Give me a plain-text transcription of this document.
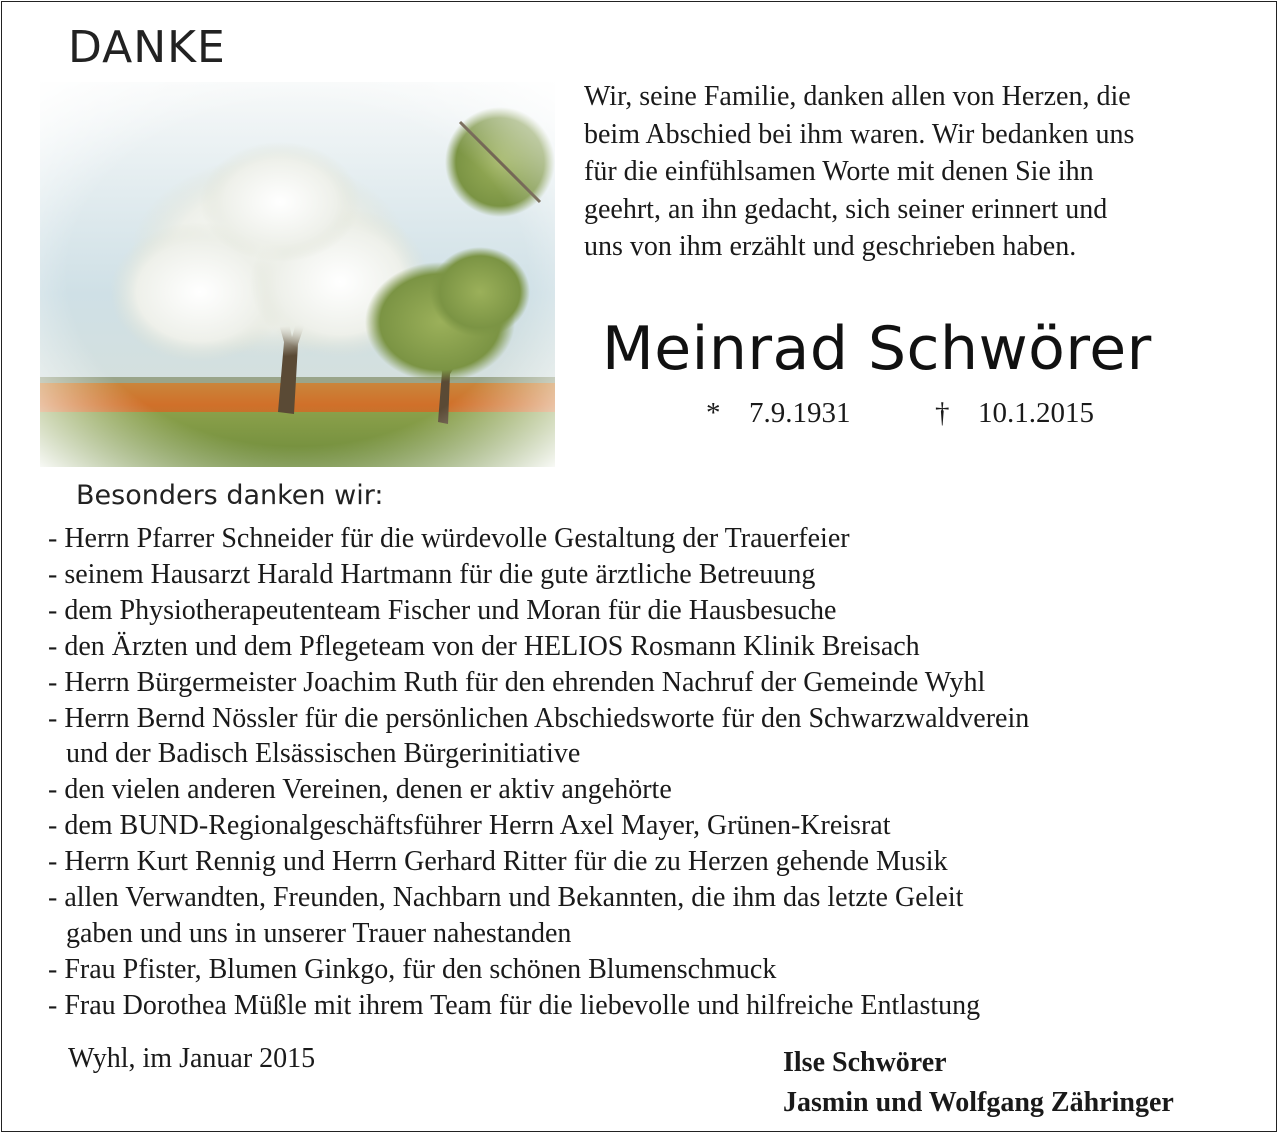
DANKE
Wir, seine Familie, danken allen von Herzen, die
beim Abschied bei ihm waren. Wir bedanken uns
für die einfühlsamen Worte mit denen Sie ihn
geehrt, an ihn gedacht, sich seiner erinnert und
uns von ihm erzählt und geschrieben haben.
Meinrad Schwörer
* 7.9.1931	† 10.1.2015
Besonders danken wir:
- Herrn Pfarrer Schneider für die würdevolle Gestaltung der Trauerfeier
- seinem Hausarzt Harald Hartmann für die gute ärztliche Betreuung
- dem Physiotherapeutenteam Fischer und Moran für die Hausbesuche
- den Ärzten und dem Pflegeteam von der HELIOS Rosmann Klinik Breisach
- Herrn Bürgermeister Joachim Ruth für den ehrenden Nachruf der Gemeinde Wyhl
- Herrn Bernd Nössler für die persönlichen Abschiedsworte für den Schwarzwaldverein
und der Badisch Elsässischen Bürgerinitiative
- den vielen anderen Vereinen, denen er aktiv angehörte
- dem BUND-Regionalgeschäftsführer Herrn Axel Mayer, Grünen-Kreisrat
- Herrn Kurt Rennig und Herrn Gerhard Ritter für die zu Herzen gehende Musik
- allen Verwandten, Freunden, Nachbarn und Bekannten, die ihm das letzte Geleit
gaben und uns in unserer Trauer nahestanden
- Frau Pfister, Blumen Ginkgo, für den schönen Blumenschmuck
- Frau Dorothea Müßle mit ihrem Team für die liebevolle und hilfreiche Entlastung
Wyhl, im Januar 2015	Ilse Schwörer
Jasmin und Wolfgang Zähringer
